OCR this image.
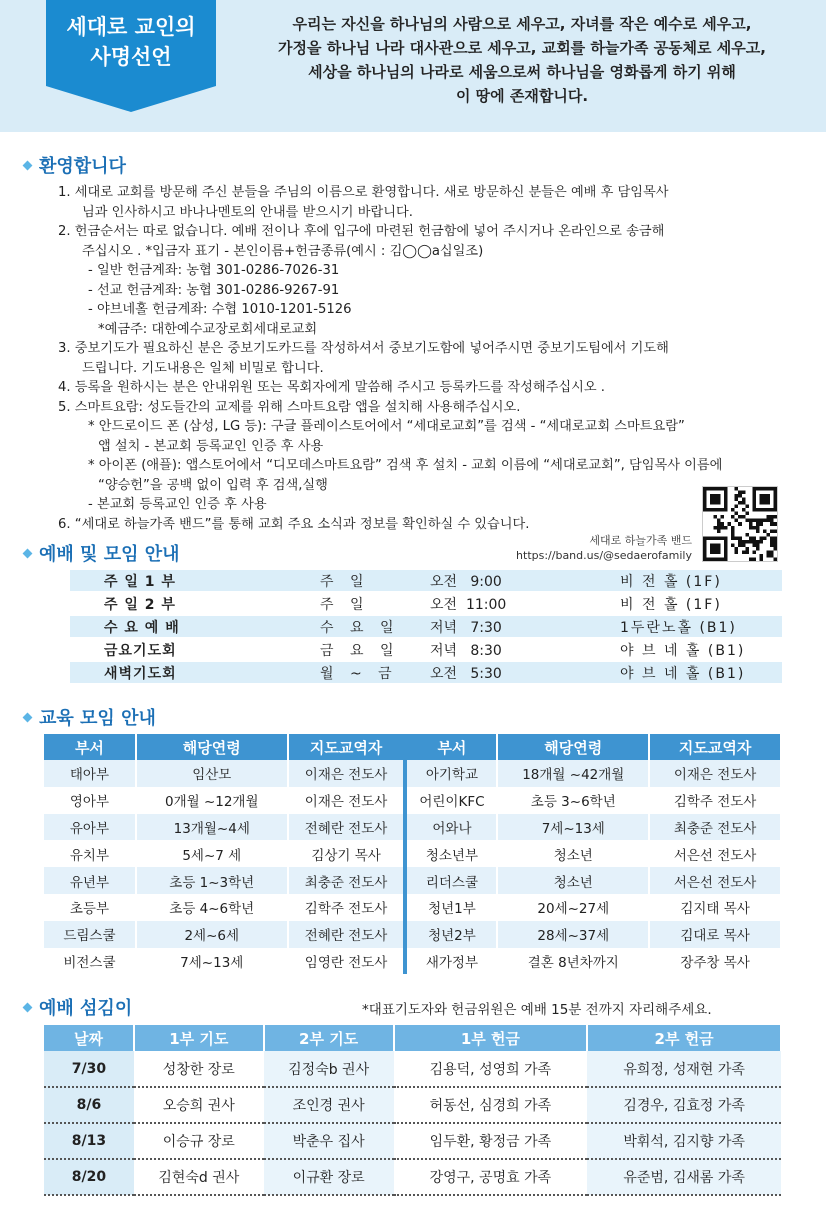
세대로 교인의
사명선언
우리는 자신을 하나님의 사람으로 세우고, 자녀를 작은 예수로 세우고,
가정을 하나님 나라 대사관으로 세우고, 교회를 하늘가족 공동체로 세우고,
세상을 하나님의 나라로 세움으로써 하나님을 영화롭게 하기 위해
이 땅에 존재합니다.
환영합니다
1. 세대로 교회를 방문해 주신 분들을 주님의 이름으로 환영합니다. 새로 방문하신 분들은 예배 후 담임목사
님과 인사하시고 바나나멘토의 안내를 받으시기 바랍니다.
2. 헌금순서는 따로 없습니다. 예배 전이나 후에 입구에 마련된 헌금함에 넣어 주시거나 온라인으로 송금해
주십시오 . *입금자 표기 - 본인이름+헌금종류(예시 : 김◯◯a십일조)
- 일반 헌금계좌: 농협 301-0286-7026-31
- 선교 헌금계좌: 농협 301-0286-9267-91
- 야브네홀 헌금계좌: 수협 1010-1201-5126
*예금주: 대한예수교장로회세대로교회
3. 중보기도가 필요하신 분은 중보기도카드를 작성하셔서 중보기도함에 넣어주시면 중보기도팀에서 기도해
드립니다. 기도내용은 일체 비밀로 합니다.
4. 등록을 원하시는 분은 안내위원 또는 목회자에게 말씀해 주시고 등록카드를 작성해주십시오 .
5. 스마트요람: 성도들간의 교제를 위해 스마트요람 앱을 설치해 사용해주십시오.
* 안드로이드 폰 (삼성, LG 등): 구글 플레이스토어에서 “세대로교회”를 검색 - “세대로교회 스마트요람”
앱 설치 - 본교회 등록교인 인증 후 사용
* 아이폰 (애플): 앱스토어에서 “디모데스마트요람” 검색 후 설치 - 교회 이름에 “세대로교회”, 담임목사 이름에
“양승헌”을 공백 없이 입력 후 검색,실행
- 본교회 등록교인 인증 후 사용
6. “세대로 하늘가족 밴드”를 통해 교회 주요 소식과 정보를 확인하실 수 있습니다.
세대로 하늘가족 밴드
https://band.us/@sedaerofamily
예배 및 모임 안내
주 일 1 부	주 일	오전   9:00	비 전 홀 (1F)
주 일 2 부	주 일	오전  11:00	비 전 홀 (1F)
수 요 예 배	수 요 일	저녁   7:30	1두란노홀 (B1)
금요기도회	금 요 일	저녁   8:30	야 브 네 홀 (B1)
새벽기도회	월 ~ 금	오전   5:30	야 브 네 홀 (B1)
교육 모임 안내
부서	해당연령	지도교역자	부서	해당연령	지도교역자
태아부	임산모	이재은 전도사	아기학교	18개월 ~42개월	이재은 전도사
영아부	0개월 ~12개월	이재은 전도사	어린이KFC	초등 3~6학년	김학주 전도사
유아부	13개월~4세	전혜란 전도사	어와나	7세~13세	최충준 전도사
유치부	5세~7 세	김상기 목사	청소년부	청소년	서은선 전도사
유년부	초등 1~3학년	최충준 전도사	리더스쿨	청소년	서은선 전도사
초등부	초등 4~6학년	김학주 전도사	청년1부	20세~27세	김지태 목사
드림스쿨	2세~6세	전혜란 전도사	청년2부	28세~37세	김대로 목사
비전스쿨	7세~13세	임영란 전도사	새가정부	결혼 8년차까지	장주창 목사
예배 섬김이	*대표기도자와 헌금위원은 예배 15분 전까지 자리해주세요.
날짜	1부 기도	2부 기도	1부 헌금	2부 헌금
7/30	성창한 장로	김정숙b 권사	김용덕, 성영희 가족	유희정, 성재현 가족
8/6	오승희 권사	조인경 권사	허동선, 심경희 가족	김경우, 김효정 가족
8/13	이승규 장로	박춘우 집사	임두환, 황정금 가족	박휘석, 김지향 가족
8/20	김현숙d 권사	이규환 장로	강영구, 공명효 가족	유준범, 김새롬 가족
